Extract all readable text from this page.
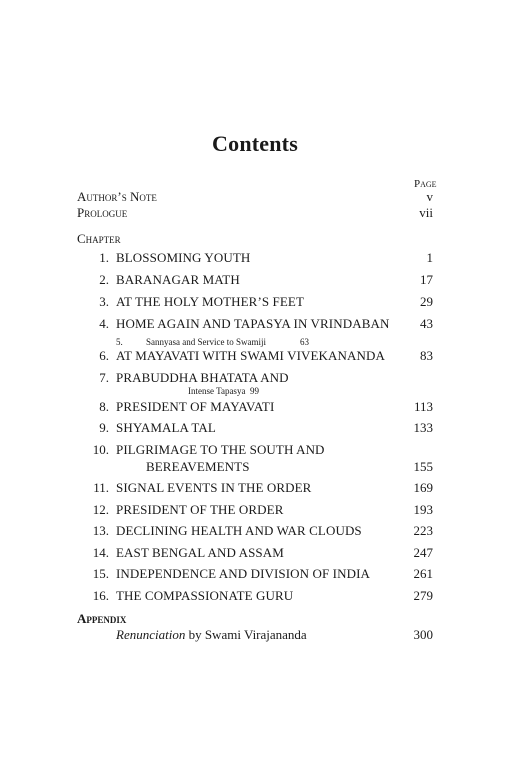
Contents
Page
Author’s Note	v
Prologue	vii
Chapter
1. BLOSSOMING YOUTH	1
2. BARANAGAR MATH	17
3. AT THE HOLY MOTHER’S FEET	29
4. HOME AGAIN AND TAPASYA IN VRINDABAN	43
5.	Sannyasa and Service to Swamiji	63
6. AT MAYAVATI WITH SWAMI VIVEKANANDA	83
7. PRABUDDHA BHATATA AND
Intense Tapasya 99
8. PRESIDENT OF MAYAVATI	113
9. SHYAMALA TAL	133
10. PILGRIMAGE TO THE SOUTH AND
BEREAVEMENTS	155
11. SIGNAL EVENTS IN THE ORDER	169
12. PRESIDENT OF THE ORDER	193
13. DECLINING HEALTH AND WAR CLOUDS	223
14. EAST BENGAL AND ASSAM	247
15. INDEPENDENCE AND DIVISION OF INDIA	261
16. THE COMPASSIONATE GURU	279
Appendix
Renunciation by Swami Virajananda	300
